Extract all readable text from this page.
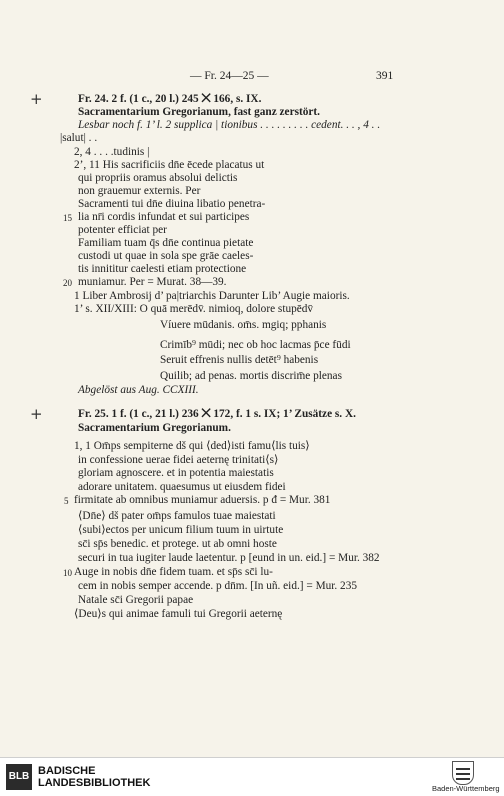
— Fr. 24—25 —	391
+
+
Fr. 24. 2 f. (1 c., 20 l.) 245 ⨉ 166, s. IX.
Sacramentarium Gregorianum, fast ganz zerstört.
Lesbar noch f. 1’ l. 2 supplica | tionibus . . . . . . . . . cedent. . . , 4 . .
|salut| . .
2, 4 . . . .tudinis |
2’, 11 His sacrificiis dn̄e ēcede placatus ut
qui propriis oramus absolui delictis
non grauemur externis. Per
Sacramenti tui dn̄e diuina libatio penetra-
15 lia nr̄i cordis infundat et sui participes
potenter efficiat per
Familiam tuam q̄s dn̄e continua pietate
custodi ut quae in sola spe grāe caeles-
tis innititur caelesti etiam protectione
20 muniamur. Per = Murat. 38—39.
1 Liber Ambrosij d’ pa|triarchis Darunter Lib’ Augie maioris.
1’ s. XII/XIII: O quā merēdv̄. nimioq, dolore stupēdv̄
Víuere mūdanis. om̄s. mgiq; pphanis
Crimīb⁹ mūdi; nec ob hoc lacmas p̄ce fūdi
Seruit effrenis nullis detēt⁹ habenis
Quilib; ad penas. mortis discrim̄e plenas
Abgelöst aus Aug. CCXIII.
Fr. 25. 1 f. (1 c., 21 l.) 236 ⨉ 172, f. 1 s. IX; 1’ Zusätze s. X.
Sacramentarium Gregorianum.
1, 1 Om̄ps sempiterne dš qui ⟨ded⟩isti famu⟨lis tuis⟩
in confessione uerae fidei aeternę trinitati⟨s⟩
gloriam agnoscere. et in potentia maiestatis
adorare unitatem. quaesumus ut eiusdem fidei
5 firmitate ab omnibus muniamur aduersis. p đ = Mur. 381
⟨Dn̄e⟩ dš pater om̄ps famulos tuae maiestati
⟨subi⟩ectos per unicum filium tuum in uirtute
sc̄i sp̄s benedic. et protege. ut ab omni hoste
securi in tua iugiter laude laetentur. p [eund in un. eid.] = Mur. 382
10 Auge in nobis dn̄e fidem tuam. et sp̄s sc̄i lu-
cem in nobis semper accende. p dn̄m. [In uñ. eid.] = Mur. 235
Natale sc̄i Gregorii papae
⟨Deu⟩s qui animae famuli tui Gregorii aeternę
BLB BADISCHE
LANDESBIBLIOTHEK	Baden-Württemberg
